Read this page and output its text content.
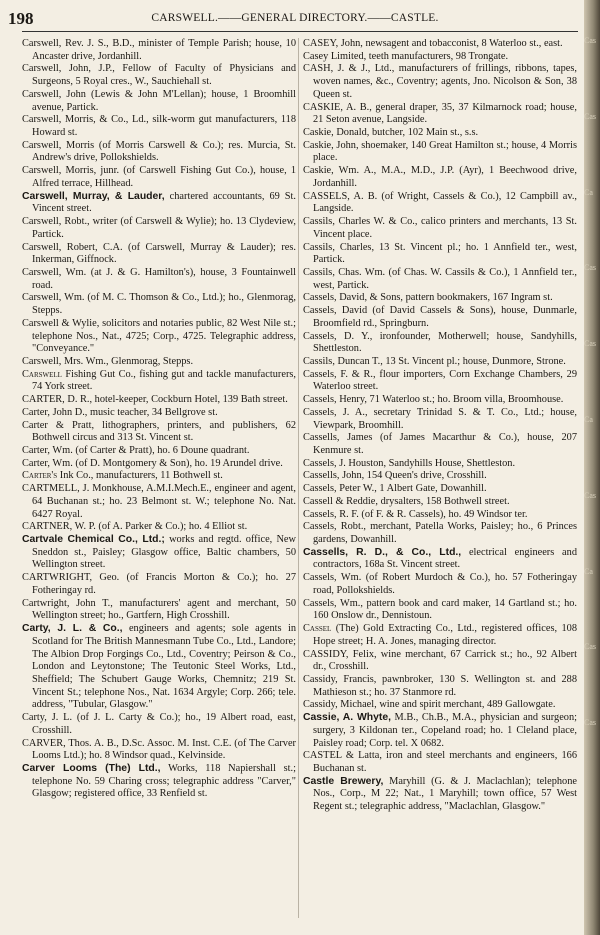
198	CARSWELL.——GENERAL DIRECTORY.——CASTLE.

Carswell, Rev. J. S., B.D., minister of Temple Parish; house, 10 Ancaster drive, Jordanhill.

Carswell, John, J.P., Fellow of Faculty of Physicians and Surgeons, 5 Royal cres., W., Sauchiehall st.

Carswell, John (Lewis & John M'Lellan); house, 1 Broomhill avenue, Partick.

Carswell, Morris, & Co., Ld., silk-worm gut manufacturers, 118 Howard st.

Carswell, Morris (of Morris Carswell & Co.); res. Murcia, St. Andrew's drive, Pollokshields.

Carswell, Morris, junr. (of Carswell Fishing Gut Co.), house, 1 Alfred terrace, Hillhead.

Carswell, Murray, & Lauder, chartered accountants, 69 St. Vincent street.

Carswell, Robt., writer (of Carswell & Wylie); ho. 13 Clydeview, Partick.

Carswell, Robert, C.A. (of Carswell, Murray & Lauder); res. Inkerman, Giffnock.

Carswell, Wm. (at J. & G. Hamilton's), house, 3 Fountainwell road.

Carswell, Wm. (of M. C. Thomson & Co., Ltd.); ho., Glenmorag, Stepps.

Carswell & Wylie, solicitors and notaries public, 82 West Nile st.; telephone Nos., Nat., 4725; Corp., 4725. Telegraphic address, "Conveyance."

Carswell, Mrs. Wm., Glenmorag, Stepps.

Carswell Fishing Gut Co., fishing gut and tackle manufacturers, 74 York street.

CARTER, D. R., hotel-keeper, Cockburn Hotel, 139 Bath street.

Carter, John D., music teacher, 34 Bellgrove st.

Carter & Pratt, lithographers, printers, and publishers, 62 Bothwell circus and 313 St. Vincent st.

Carter, Wm. (of Carter & Pratt), ho. 6 Doune quadrant.

Carter, Wm. (of D. Montgomery & Son), ho. 19 Arundel drive.

Carter's Ink Co., manufacturers, 11 Bothwell st.

CARTMELL, J. Monkhouse, A.M.I.Mech.E., engineer and agent, 64 Buchanan st.; ho. 23 Belmont st. W.; telephone No. Nat. 6427 Royal.

CARTNER, W. P. (of A. Parker & Co.); ho. 4 Elliot st.

Cartvale Chemical Co., Ltd.; works and regtd. office, New Sneddon st., Paisley; Glasgow office, Baltic chambers, 50 Wellington street.

CARTWRIGHT, Geo. (of Francis Morton & Co.); ho. 27 Fotheringay rd.

Cartwright, John T., manufacturers' agent and merchant, 50 Wellington street; ho., Gartfern, High Crosshill.

Carty, J. L. & Co., engineers and agents; sole agents in Scotland for The British Mannesmann Tube Co., Ltd., Landore; The Albion Drop Forgings Co., Ltd., Coventry; Peirson & Co., London and Leytonstone; The Teutonic Steel Works, Ltd., Sheffield; The Schubert Gauge Works, Chemnitz; 219 St. Vincent St.; telephone Nos., Nat. 1634 Argyle; Corp. 266; tele. address, "Tubular, Glasgow."

Carty, J. L. (of J. L. Carty & Co.); ho., 19 Albert road, east, Crosshill.

CARVER, Thos. A. B., D.Sc. Assoc. M. Inst. C.E. (of The Carver Looms Ltd.); ho. 8 Windsor quad., Kelvinside.

Carver Looms (The) Ltd., Works, 118 Napiershall st.; telephone No. 59 Charing cross; telegraphic address "Carver," Glasgow; registered office, 33 Renfield st.

CASEY, John, newsagent and tobacconist, 8 Waterloo st., east.

Casey Limited, teeth manufacturers, 98 Trongate.

CASH, J. & J., Ltd., manufacturers of frillings, ribbons, tapes, woven names, &c., Coventry; agents, Jno. Nicolson & Son, 38 Queen st.

CASKIE, A. B., general draper, 35, 37 Kilmarnock road; house, 21 Seton avenue, Langside.

Caskie, Donald, butcher, 102 Main st., s.s.

Caskie, John, shoemaker, 140 Great Hamilton st.; house, 4 Morris place.

Caskie, Wm. A., M.A., M.D., J.P. (Ayr), 1 Beechwood drive, Jordanhill.

CASSELS, A. B. (of Wright, Cassels & Co.), 12 Campbill av., Langside.

Cassils, Charles W. & Co., calico printers and merchants, 13 St. Vincent place.

Cassils, Charles, 13 St. Vincent pl.; ho. 1 Annfield ter., west, Partick.

Cassils, Chas. Wm. (of Chas. W. Cassils & Co.), 1 Annfield ter., west, Partick.

Cassels, David, & Sons, pattern bookmakers, 167 Ingram st.

Cassels, David (of David Cassels & Sons), house, Dunmarle, Broomfield rd., Springburn.

Cassels, D. Y., ironfounder, Motherwell; house, Sandyhills, Shettleston.

Cassils, Duncan T., 13 St. Vincent pl.; house, Dunmore, Strone.

Cassels, F. & R., flour importers, Corn Exchange Chambers, 29 Waterloo street.

Cassels, Henry, 71 Waterloo st.; ho. Broom villa, Broomhouse.

Cassels, J. A., secretary Trinidad S. & T. Co., Ltd.; house, Viewpark, Broomhill.

Cassells, James (of James Macarthur & Co.), house, 207 Kenmure st.

Cassels, J. Houston, Sandyhills House, Shettleston.

Cassells, John, 154 Queen's drive, Crosshill.

Cassels, Peter W., 1 Albert Gate, Dowanhill.

Cassell & Reddie, drysalters, 158 Bothwell street.

Cassels, R. F. (of F. & R. Cassels), ho. 49 Windsor ter.

Cassels, Robt., merchant, Patella Works, Paisley; ho., 6 Princes gardens, Dowanhill.

Cassells, R. D., & Co., Ltd., electrical engineers and contractors, 168a St. Vincent street.

Cassels, Wm. (of Robert Murdoch & Co.), ho. 57 Fotheringay road, Pollokshields.

Cassels, Wm., pattern book and card maker, 14 Gartland st.; ho. 160 Onslow dr., Dennistoun.

Cassel (The) Gold Extracting Co., Ltd., registered offices, 108 Hope street; H. A. Jones, managing director.

CASSIDY, Felix, wine merchant, 67 Carrick st.; ho., 92 Albert dr., Crosshill.

Cassidy, Francis, pawnbroker, 130 S. Wellington st. and 288 Mathieson st.; ho. 37 Stanmore rd.

Cassidy, Michael, wine and spirit merchant, 489 Gallowgate.

Cassie, A. Whyte, M.B., Ch.B., M.A., physician and surgeon; surgery, 3 Kildonan ter., Copeland road; ho. 1 Cleland place, Paisley road; Corp. tel. X 0682.

CASTEL & Latta, iron and steel merchants and engineers, 166 Buchanan st.

Castle Brewery, Maryhill (G. & J. Maclachlan); telephone Nos., Corp., M 22; Nat., 1 Maryhill; town office, 57 West Regent st.; telegraphic address, "Maclachlan, Glasgow."

Cas
Cas
Ca
Cas
Cas
Ca
Cas
Ca
Cas
Cas
